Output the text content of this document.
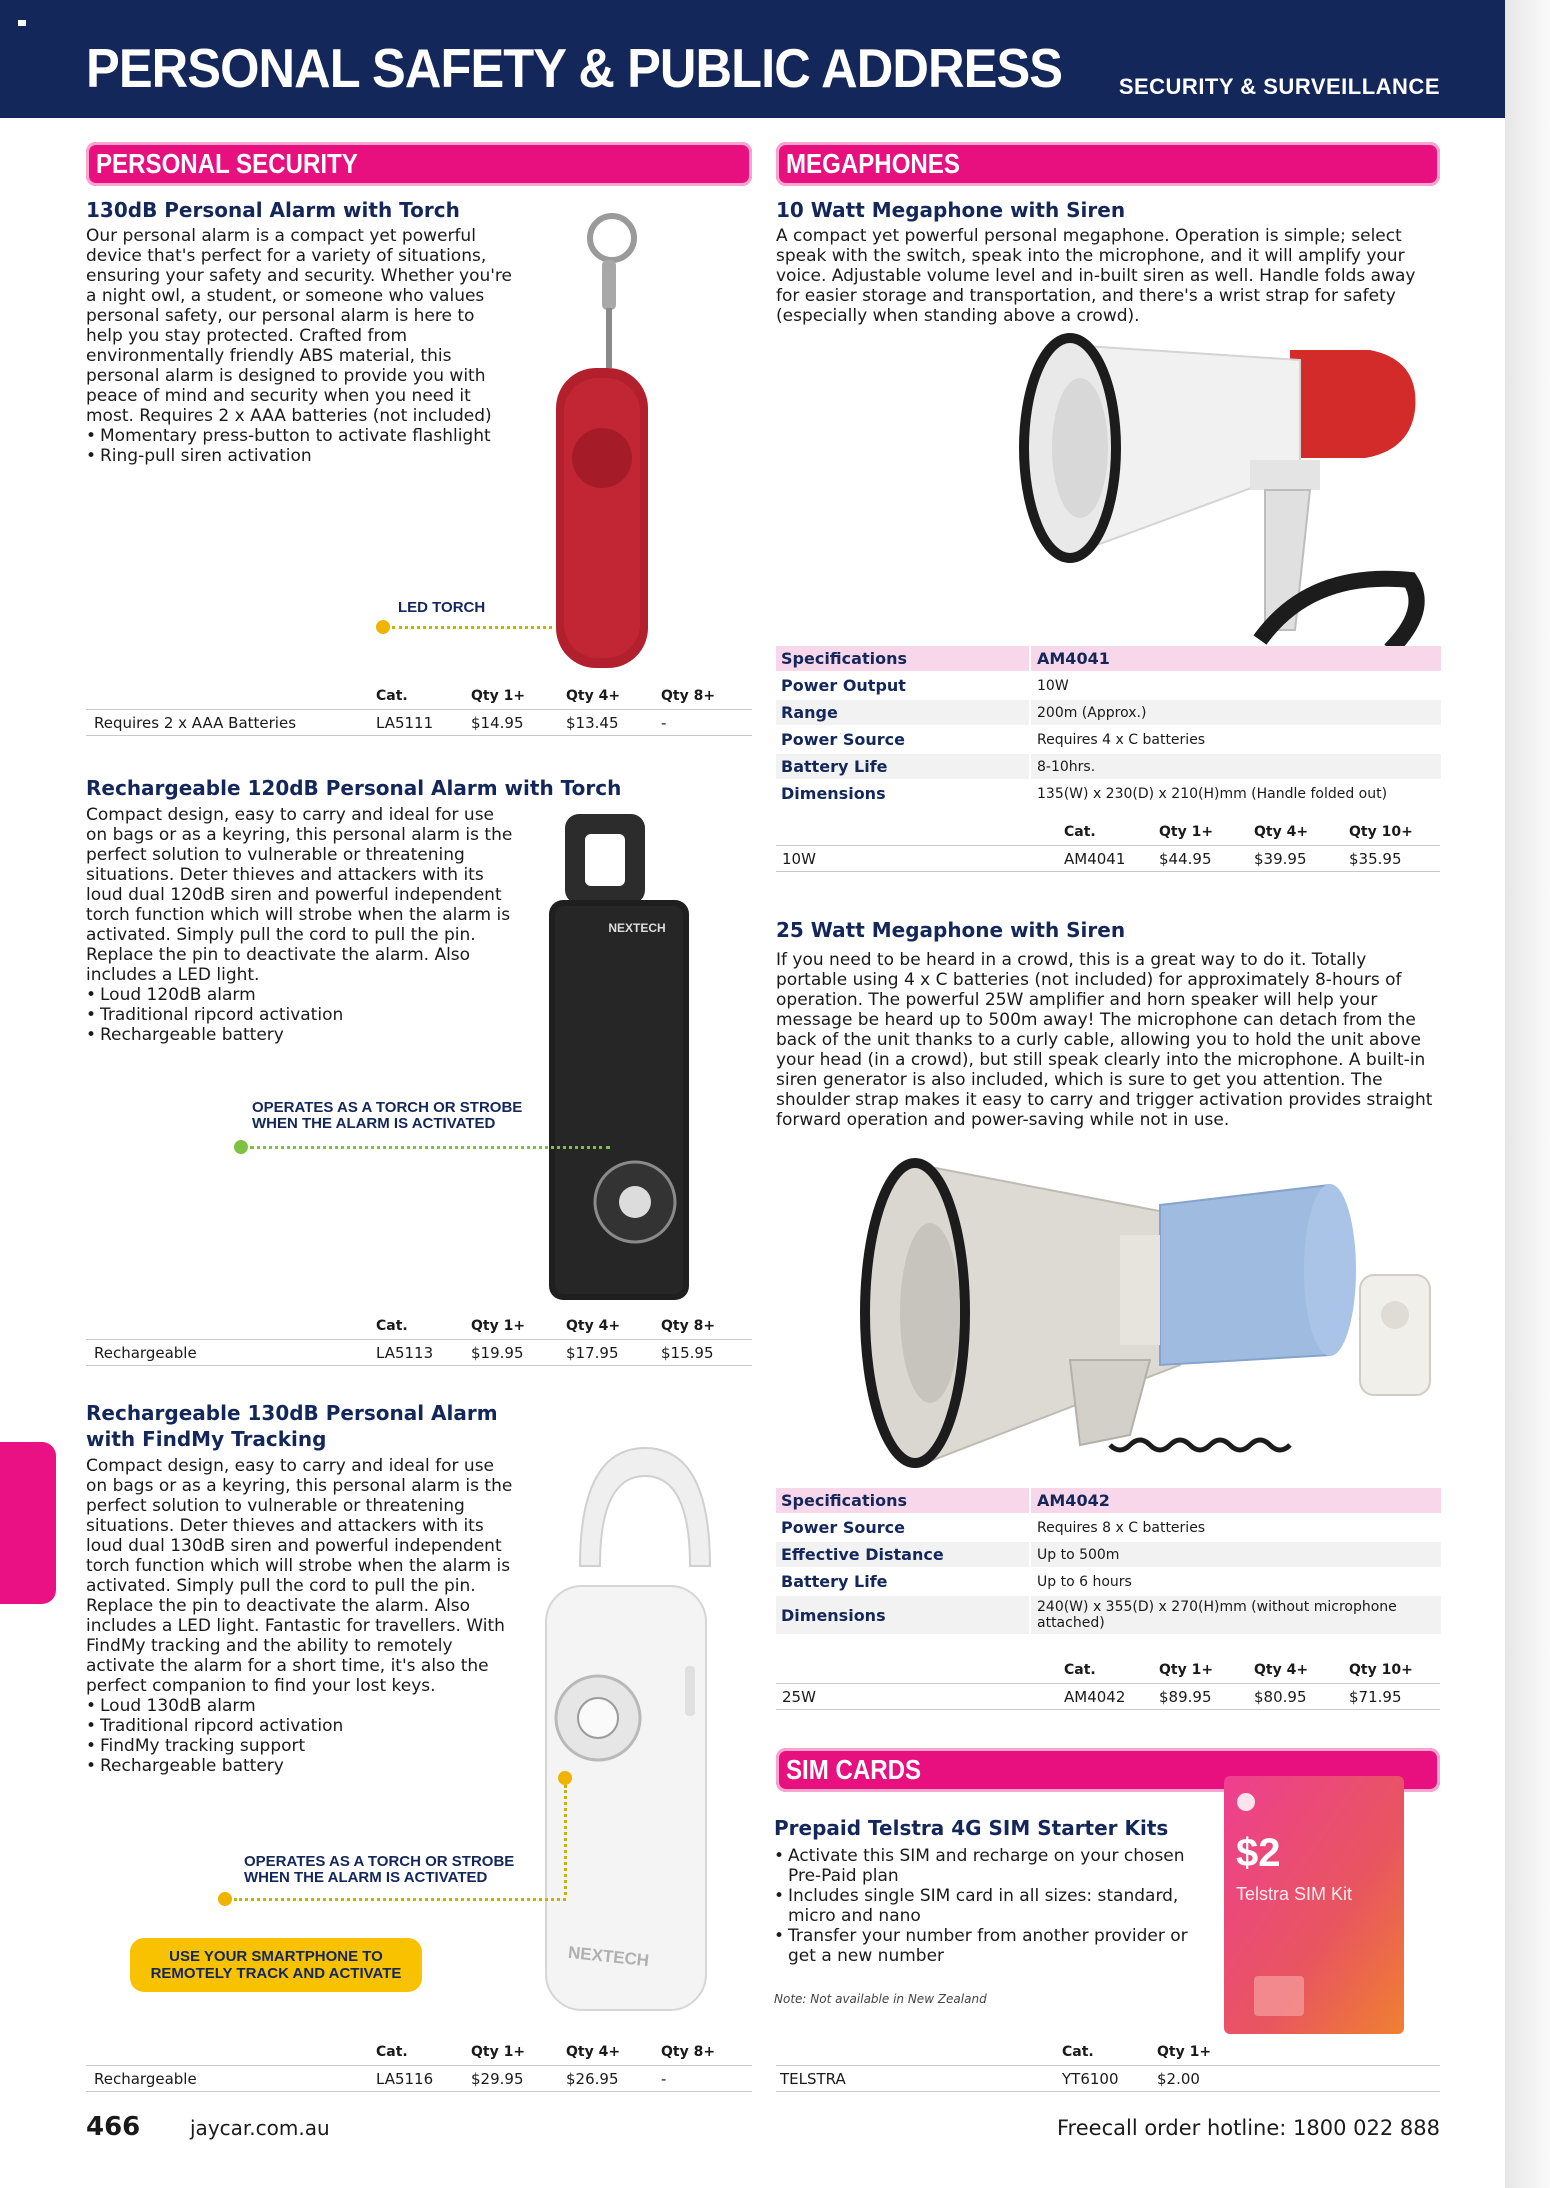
PERSONAL SAFETY & PUBLIC ADDRESS	SECURITY & SURVEILLANCE
PERSONAL SECURITY
130dB Personal Alarm with Torch

Our personal alarm is a compact yet powerful device that's perfect for a variety of situations, ensuring your safety and security. Whether you're a night owl, a student, or someone who values personal safety, our personal alarm is here to help you stay protected. Crafted from environmentally friendly ABS material, this personal alarm is designed to provide you with peace of mind and security when you need it most. Requires 2 x AAA batteries (not included)

• Momentary press-button to activate flashlight
• Ring-pull siren activation
LED TORCH
Cat.	Qty 1+	Qty 4+	Qty 8+
Requires 2 x AAA Batteries	LA5111	$14.95	$13.45	-
Rechargeable 120dB Personal Alarm with Torch

Compact design, easy to carry and ideal for use on bags or as a keyring, this personal alarm is the perfect solution to vulnerable or threatening situations. Deter thieves and attackers with its loud dual 120dB siren and powerful independent torch function which will strobe when the alarm is activated. Simply pull the cord to pull the pin. Replace the pin to deactivate the alarm. Also includes a LED light.

• Loud 120dB alarm
• Traditional ripcord activation
• Rechargeable battery
NEXTECH
OPERATES AS A TORCH OR STROBE
WHEN THE ALARM IS ACTIVATED
Cat.	Qty 1+	Qty 4+	Qty 8+
Rechargeable	LA5113	$19.95	$17.95	$15.95
Rechargeable 130dB Personal Alarm
with FindMy Tracking

Compact design, easy to carry and ideal for use on bags or as a keyring, this personal alarm is the perfect solution to vulnerable or threatening situations. Deter thieves and attackers with its loud dual 130dB siren and powerful independent torch function which will strobe when the alarm is activated. Simply pull the cord to pull the pin. Replace the pin to deactivate the alarm. Also includes a LED light. Fantastic for travellers. With FindMy tracking and the ability to remotely activate the alarm for a short time, it's also the perfect companion to find your lost keys.

• Loud 130dB alarm
• Traditional ripcord activation
• FindMy tracking support
• Rechargeable battery
NEXTECH
OPERATES AS A TORCH OR STROBE
WHEN THE ALARM IS ACTIVATED
USE YOUR SMARTPHONE TO
REMOTELY TRACK AND ACTIVATE
Cat.	Qty 1+	Qty 4+	Qty 8+
Rechargeable	LA5116	$29.95	$26.95	-
MEGAPHONES
10 Watt Megaphone with Siren

A compact yet powerful personal megaphone. Operation is simple; select speak with the switch, speak into the microphone, and it will amplify your voice. Adjustable volume level and in-built siren as well. Handle folds away for easier storage and transportation, and there's a wrist strap for safety (especially when standing above a crowd).

Specifications	AM4041
Power Output	10W
Range	200m (Approx.)
Power Source	Requires 4 x C batteries
Battery Life	8-10hrs.
Dimensions	135(W) x 230(D) x 210(H)mm (Handle folded out)
Cat.	Qty 1+	Qty 4+	Qty 10+
10W	AM4041 $44.95	$39.95	$35.95
25 Watt Megaphone with Siren

If you need to be heard in a crowd, this is a great way to do it. Totally portable using 4 x C batteries (not included) for approximately 8-hours of operation. The powerful 25W amplifier and horn speaker will help your message be heard up to 500m away! The microphone can detach from the back of the unit thanks to a curly cable, allowing you to hold the unit above your head (in a crowd), but still speak clearly into the microphone. A built-in siren generator is also included, which is sure to get you attention. The shoulder strap makes it easy to carry and trigger activation provides straight forward operation and power-saving while not in use.

Specifications	AM4042
Power Source	Requires 8 x C batteries
Effective Distance	Up to 500m
Battery Life	Up to 6 hours
Dimensions	240(W) x 355(D) x 270(H)mm (without microphone attached)
Cat.	Qty 1+	Qty 4+	Qty 10+
25W	AM4042 $89.95	$80.95	$71.95
SIM CARDS
Prepaid Telstra 4G SIM Starter Kits
• Activate this SIM and recharge on your chosen Pre-Paid plan
• Includes single SIM card in all sizes: standard, micro and nano
• Transfer your number from another provider or get a new number
Note: Not available in New Zealand
$2
Telstra SIM Kit
Cat.	Qty 1+
TELSTRA	YT6100	$2.00
466 jaycar.com.au	Freecall order hotline: 1800 022 888
